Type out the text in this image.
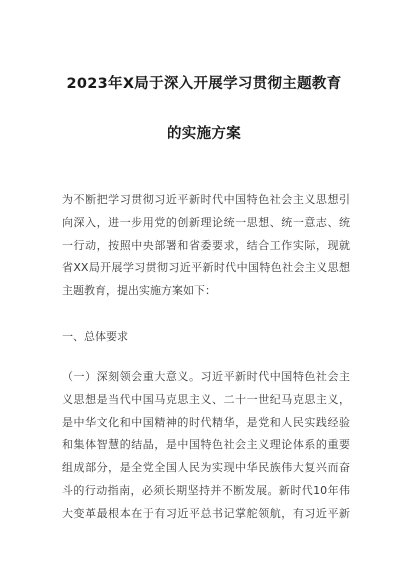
2023年X局于深入开展学习贯彻主题教育
的实施方案
为不断把学习贯彻习近平新时代中国特色社会主义思想引
向深入，进一步用党的创新理论统一思想、统一意志、统
一行动，按照中央部署和省委要求，结合工作实际，现就
省XX局开展学习贯彻习近平新时代中国特色社会主义思想
主题教育，提出实施方案如下：
一、总体要求
（一）深刻领会重大意义。习近平新时代中国特色社会主
义思想是当代中国马克思主义、二十一世纪马克思主义，
是中华文化和中国精神的时代精华，是党和人民实践经验
和集体智慧的结晶，是中国特色社会主义理论体系的重要
组成部分，是全党全国人民为实现中华民族伟大复兴而奋
斗的行动指南，必须长期坚持并不断发展。新时代10年伟
大变革最根本在于有习近平总书记掌舵领航，有习近平新
